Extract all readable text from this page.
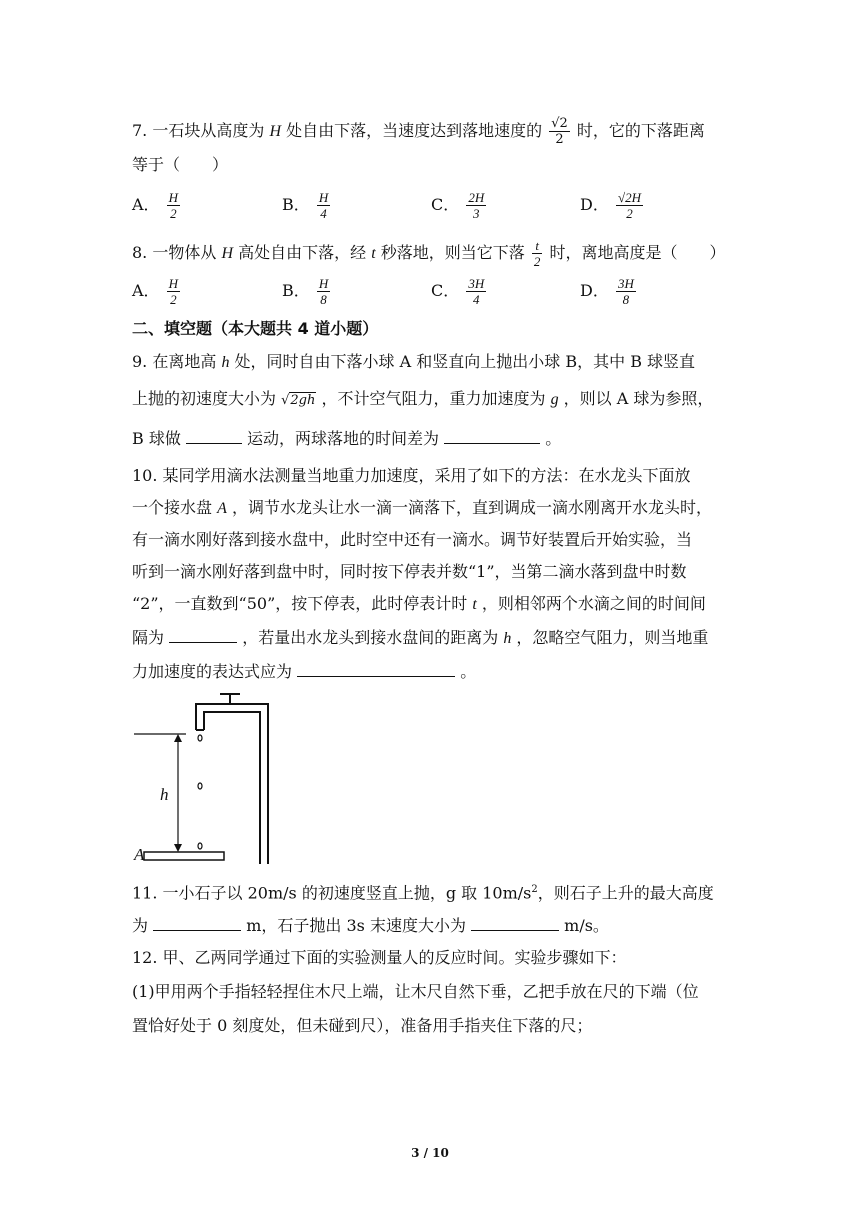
7. 一石块从高度为 H 处自由下落，当速度达到落地速度的 $\frac{√2}{2}$ 时，它的下落距离
等于（　　）
A． $\frac{H}{2}$	B． $\frac{H}{4}$	C． $\frac{2H}{3}$	D． $\frac{√2H}{2}$
8. 一物体从 H 高处自由下落，经 t 秒落地，则当它下落 $\frac{t}{2}$ 时，离地高度是（　　）
A． $\frac{H}{2}$	B． $\frac{H}{8}$	C． $\frac{3H}{4}$	D． $\frac{3H}{8}$
二、填空题（本大题共 4 道小题）
9. 在离地高 h 处，同时自由下落小球 A 和竖直向上抛出小球 B，其中 B 球竖直
上抛的初速度大小为 √2gh ，不计空气阻力，重力加速度为 g ，则以 A 球为参照，
B 球做	运动，两球落地的时间差为	。
10. 某同学用滴水法测量当地重力加速度，采用了如下的方法：在水龙头下面放
一个接水盘 A ，调节水龙头让水一滴一滴落下，直到调成一滴水刚离开水龙头时，
有一滴水刚好落到接水盘中，此时空中还有一滴水。调节好装置后开始实验，当
听到一滴水刚好落到盘中时，同时按下停表并数“1”，当第二滴水落到盘中时数
“2”，一直数到“50”，按下停表，此时停表计时 t ，则相邻两个水滴之间的时间间
隔为	，若量出水龙头到接水盘间的距离为 h ，忽略空气阻力，则当地重
力加速度的表达式应为	。
h
A
11. 一小石子以 20m/s 的初速度竖直上抛，g 取 $10m/s^2$，则石子上升的最大高度
为	m，石子抛出 3s 末速度大小为	m/s。
12. 甲、乙两同学通过下面的实验测量人的反应时间。实验步骤如下：
(1)甲用两个手指轻轻捏住木尺上端，让木尺自然下垂，乙把手放在尺的下端（位
置恰好处于 0 刻度处，但未碰到尺），准备用手指夹住下落的尺；
3 / 10
